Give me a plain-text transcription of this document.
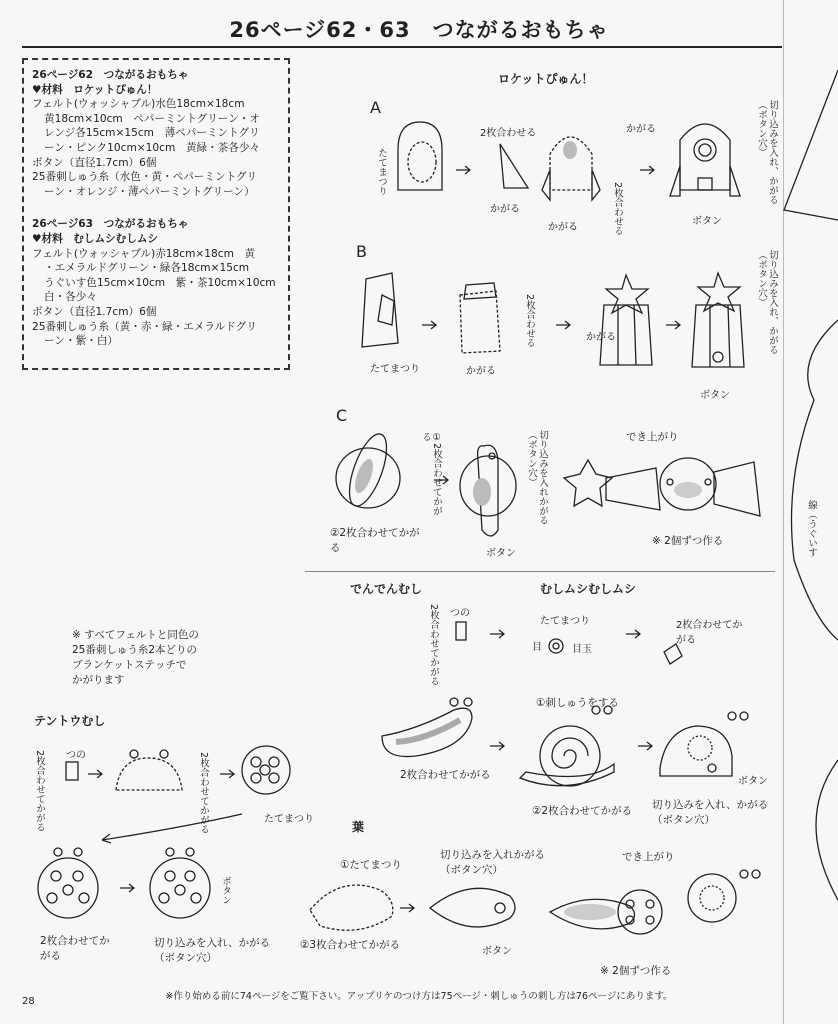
26ページ62・63　つながるおもちゃ
26ページ62　つながるおもちゃ
♥材料　ロケットぴゅん！
フェルト(ウォッシャブル)水色18cm×18cm
黄18cm×10cm　ペパーミントグリーン・オ
レンジ各15cm×15cm　薄ペパーミントグリ
ーン・ピンク10cm×10cm　黄緑・茶各少々
ボタン（直径1.7cm）6個
25番刺しゅう糸（水色・黄・ペパーミントグリ
ーン・オレンジ・薄ペパーミントグリーン）
26ページ63　つながるおもちゃ
♥材料　むしムシむしムシ
フェルト(ウォッシャブル)赤18cm×18cm　黄
・エメラルドグリーン・緑各18cm×15cm
うぐいす色15cm×10cm　紫・茶10cm×10cm
白・各少々
ボタン（直径1.7cm）6個
25番刺しゅう糸（黄・赤・緑・エメラルドグリ
ーン・紫・白）
ロケットぴゅん！
A
たてまつり
2枚合わせる	かがる
かがる
かがる	2枚合わせる	ボタン
切り込みを入れ、かがる（ボタン穴）
B
たてまつり
2枚合わせる
かがる
かがる
ボタン
切り込みを入れ、かがる（ボタン穴）
C
①2枚合わせてかがる
②2枚合わせてかがる
切り込みを入れかがる（ボタン穴）
ボタン
でき上がり
※ 2個ずつ作る
でんでんむし	むしムシむしムシ
2枚合わせてかがる つの
たてまつり
目	目玉
2枚合わせてかがる
2枚合わせてかがる
①刺しゅうをする
②2枚合わせてかがる
ボタン
切り込みを入れ、かがる（ボタン穴）
※ すべてフェルトと同色の
25番刺しゅう糸2本どりの
ブランケットステッチで
かがります
テントウむし
2枚合わせてかがる つの	2枚合わせてかがる	たてまつり
2枚合わせてかがる
ボタン
切り込みを入れ、かがる（ボタン穴）
葉
①たてまつり
②3枚合わせてかがる
切り込みを入れかがる（ボタン穴）
ボタン
でき上がり
※ 2個ずつ作る
線（うぐいす
※作り始める前に74ページをご覧下さい。アップリケのつけ方は75ページ・刺しゅうの刺し方は76ページにあります。
28
